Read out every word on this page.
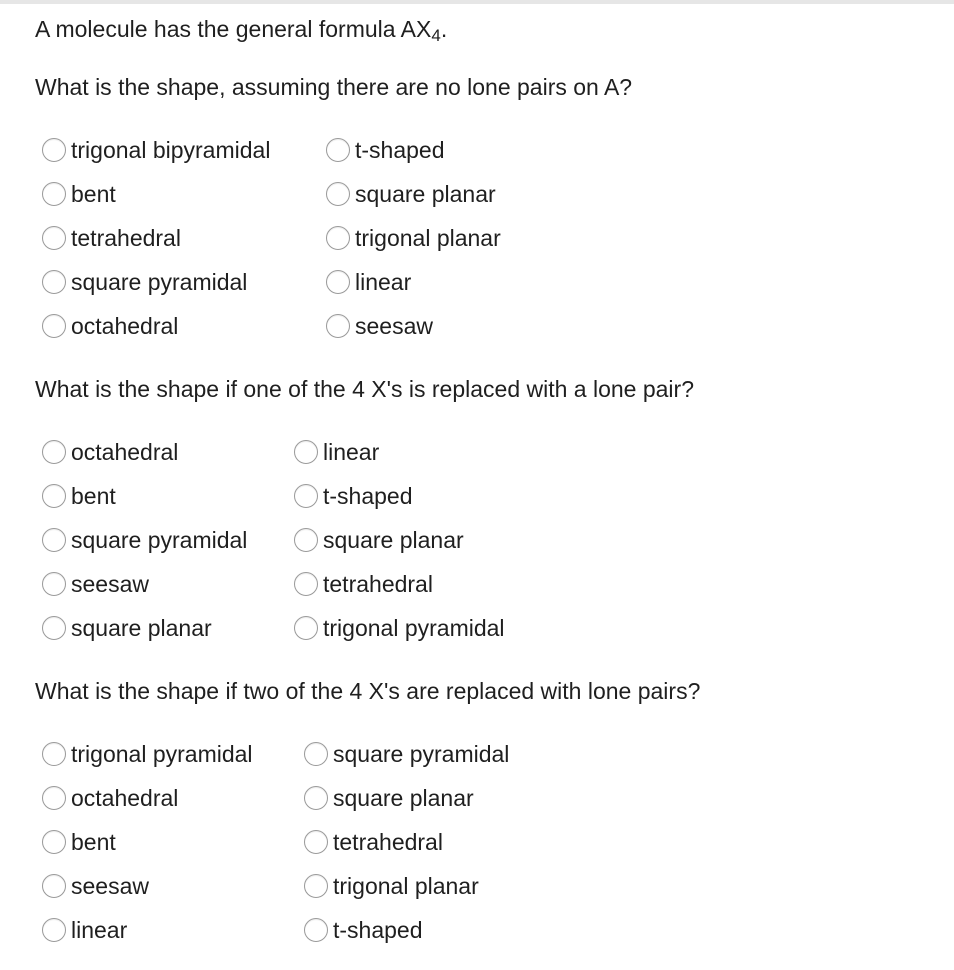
A molecule has the general formula $AX_4$.
What is the shape, assuming there are no lone pairs on A?
trigonal bipyramidal
bent
tetrahedral
square pyramidal
octahedral
t-shaped
square planar
trigonal planar
linear
seesaw
What is the shape if one of the 4 X's is replaced with a lone pair?
octahedral
bent
square pyramidal
seesaw
square planar
linear
t-shaped
square planar
tetrahedral
trigonal pyramidal
What is the shape if two of the 4 X's are replaced with lone pairs?
trigonal pyramidal
octahedral
bent
seesaw
linear
square pyramidal
square planar
tetrahedral
trigonal planar
t-shaped
